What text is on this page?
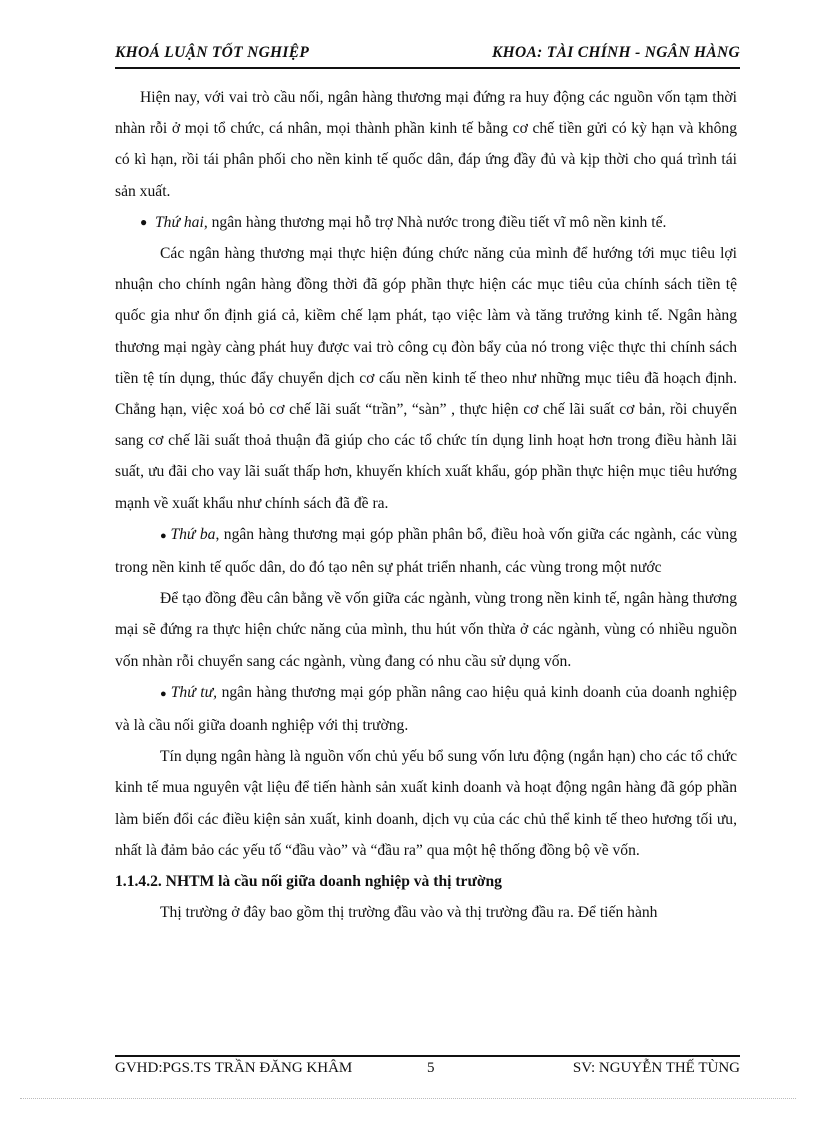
KHOÁ LUẬN TỐT NGHIỆP	KHOA: TÀI CHÍNH - NGÂN HÀNG

Hiện nay, với vai trò cầu nối, ngân hàng thương mại đứng ra huy động các nguồn vốn tạm thời nhàn rỗi ở mọi tổ chức, cá nhân, mọi thành phần kinh tế bằng cơ chế tiền gửi có kỳ hạn và không có kì hạn, rồi tái phân phối cho nền kinh tế quốc dân, đáp ứng đầy đủ và kịp thời cho quá trình tái sản xuất.

● Thứ hai, ngân hàng thương mại hỗ trợ Nhà nước trong điều tiết vĩ mô nền kinh tế.

Các ngân hàng thương mại thực hiện đúng chức năng của mình để hướng tới mục tiêu lợi nhuận cho chính ngân hàng đồng thời đã góp phần thực hiện các mục tiêu của chính sách tiền tệ quốc gia như ổn định giá cả, kiềm chế lạm phát, tạo việc làm và tăng trưởng kinh tế. Ngân hàng thương mại ngày càng phát huy được vai trò công cụ đòn bẩy của nó trong việc thực thi chính sách tiền tệ tín dụng, thúc đẩy chuyển dịch cơ cấu nền kinh tế theo như những mục tiêu đã hoạch định. Chẳng hạn, việc xoá bỏ cơ chế lãi suất “trần”, “sàn” , thực hiện cơ chế lãi suất cơ bản, rồi chuyển sang cơ chế lãi suất thoả thuận đã giúp cho các tổ chức tín dụng linh hoạt hơn trong điều hành lãi suất, ưu đãi cho vay lãi suất thấp hơn, khuyến khích xuất khẩu, góp phần thực hiện mục tiêu hướng mạnh về xuất khẩu như chính sách đã đề ra.

● Thứ ba, ngân hàng thương mại góp phần phân bổ, điều hoà vốn giữa các ngành, các vùng trong nền kinh tế quốc dân, do đó tạo nên sự phát triển nhanh, các vùng trong một nước

Để tạo đồng đều cân bằng về vốn giữa các ngành, vùng trong nền kinh tế, ngân hàng thương mại sẽ đứng ra thực hiện chức năng của mình, thu hút vốn thừa ở các ngành, vùng có nhiều nguồn vốn nhàn rỗi chuyển sang các ngành, vùng đang có nhu cầu sử dụng vốn.

● Thứ tư, ngân hàng thương mại góp phần nâng cao hiệu quả kinh doanh của doanh nghiệp và là cầu nối giữa doanh nghiệp với thị trường.

Tín dụng ngân hàng là nguồn vốn chủ yếu bổ sung vốn lưu động (ngắn hạn) cho các tổ chức kinh tế mua nguyên vật liệu để tiến hành sản xuất kinh doanh và hoạt động ngân hàng đã góp phần làm biến đổi các điều kiện sản xuất, kinh doanh, dịch vụ của các chủ thể kinh tế theo hương tối ưu, nhất là đảm bảo các yếu tố “đầu vào” và “đầu ra” qua một hệ thống đồng bộ về vốn.

1.1.4.2. NHTM là cầu nối giữa doanh nghiệp và thị trường

Thị trường ở đây bao gồm thị trường đầu vào và thị trường đầu ra. Để tiến hành

GVHD:PGS.TS TRẦN ĐĂNG KHÂM	5	SV: NGUYỄN THẾ TÙNG
